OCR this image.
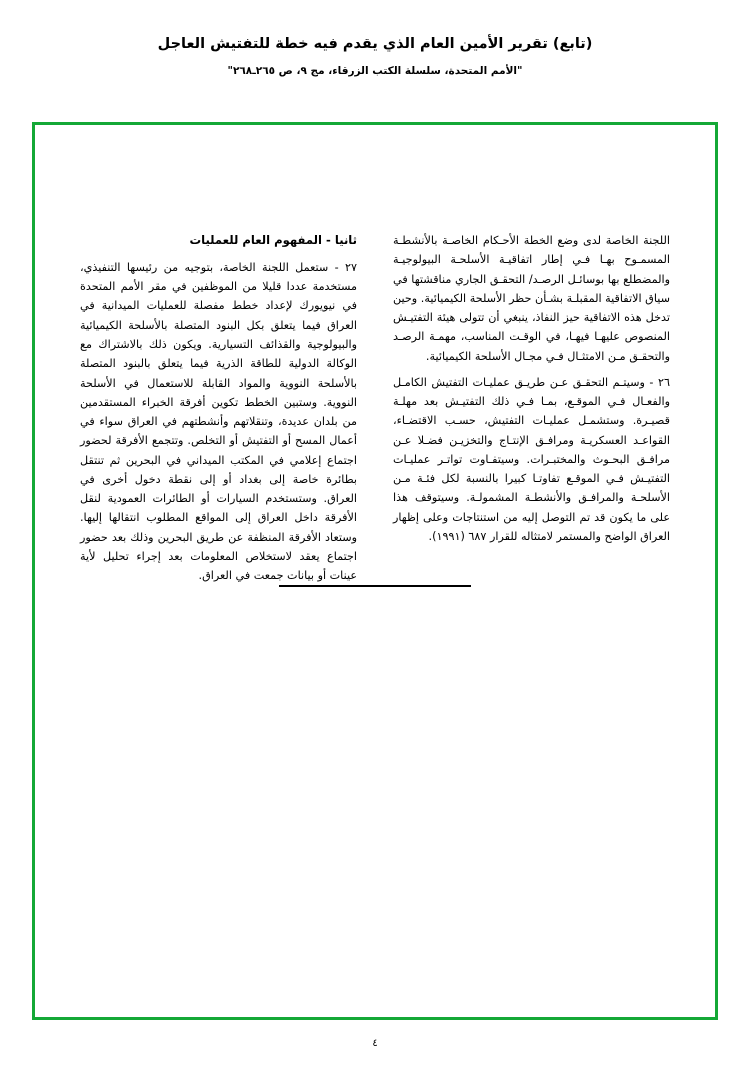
(تابع) تقرير الأمين العام الذي يقدم فيه خطة للتفتيش العاجل
"الأمم المتحدة، سلسلة الكتب الزرقاء، مج ٩، ص ٢٦٥ـ٢٦٨"

اللجنة الخاصة لدى وضع الخطة الأحـكام الخاصـة بالأنشطـة المسمـوح بهـا فـي إطار اتفاقيـة الأسلحـة البيولوجيـة والمضطلع بها بوسائـل الرصـد/ التحقـق الجاري مناقشتها في سياق الاتفاقية المقبلـة بشـأن حظر الأسلحة الكيميائية. وحين تدخل هذه الاتفاقية حيز النفاذ، ينبغي أن تتولى هيئة التفتيـش المنصوص عليهـا فيهـا، في الوقـت المناسب، مهمـة الرصـد والتحقـق مـن الامتثـال فـي مجـال الأسلحة الكيميائية.

٢٦ - وسيتـم التحقـق عـن طريـق عمليـات التفتيش الكامـل والفعـال فـي الموقـع، بمـا فـي ذلك التفتيـش بعد مهلـة قصيـرة. وستشمـل عمليـات التفتيش، حسـب الاقتضـاء، القواعـد العسكريـة ومرافـق الإنتـاج والتخزيـن فضـلا عـن مرافـق البحـوث والمختبـرات. وسيتفـاوت تواتـر عمليـات التفتيـش فـي الموقـع تفاوتـا كبيرا بالنسبة لكل فئـة مـن الأسلحـة والمرافـق والأنشطـة المشمولـة. وسيتوقف هذا على ما يكون قد تم التوصل إليه من استنتاجات وعلى إظهار العراق الواضح والمستمر لامتثاله للقرار ٦٨٧ (١٩٩١).

ثانيا - المفهوم العام للعمليات

٢٧ - ستعمل اللجنة الخاصة، بتوجيه من رئيسها التنفيذي، مستخدمة عددا قليلا من الموظفين في مقر الأمم المتحدة في نيويورك لإعداد خطط مفصلة للعمليات الميدانية في العراق فيما يتعلق بكل البنود المتصلة بالأسلحة الكيميائية والبيولوجية والقذائف التسيارية. ويكون ذلك بالاشتراك مع الوكالة الدولية للطاقة الذرية فيما يتعلق بالبنود المتصلة بالأسلحة النووية والمواد القابلة للاستعمال في الأسلحة النووية. وستبين الخطط تكوين أفرقة الخبراء المستقدمين من بلدان عديدة، وتنقلاتهم وأنشطتهم في العراق سواء في أعمال المسح أو التفتيش أو التخلص. وتتجمع الأفرقة لحضور اجتماع إعلامي في المكتب الميداني في البحرين ثم تنتقل بطائرة خاصة إلى بغداد أو إلى نقطة دخول أخرى في العراق. وستستخدم السيارات أو الطائرات العمودية لنقل الأفرقة داخل العراق إلى المواقع المطلوب انتقالها إليها. وستعاد الأفرقة المنظفة عن طريق البحرين وذلك بعد حضور اجتماع يعقد لاستخلاص المعلومات بعد إجراء تحليل لأية عينات أو بيانات جمعت في العراق.

٤
